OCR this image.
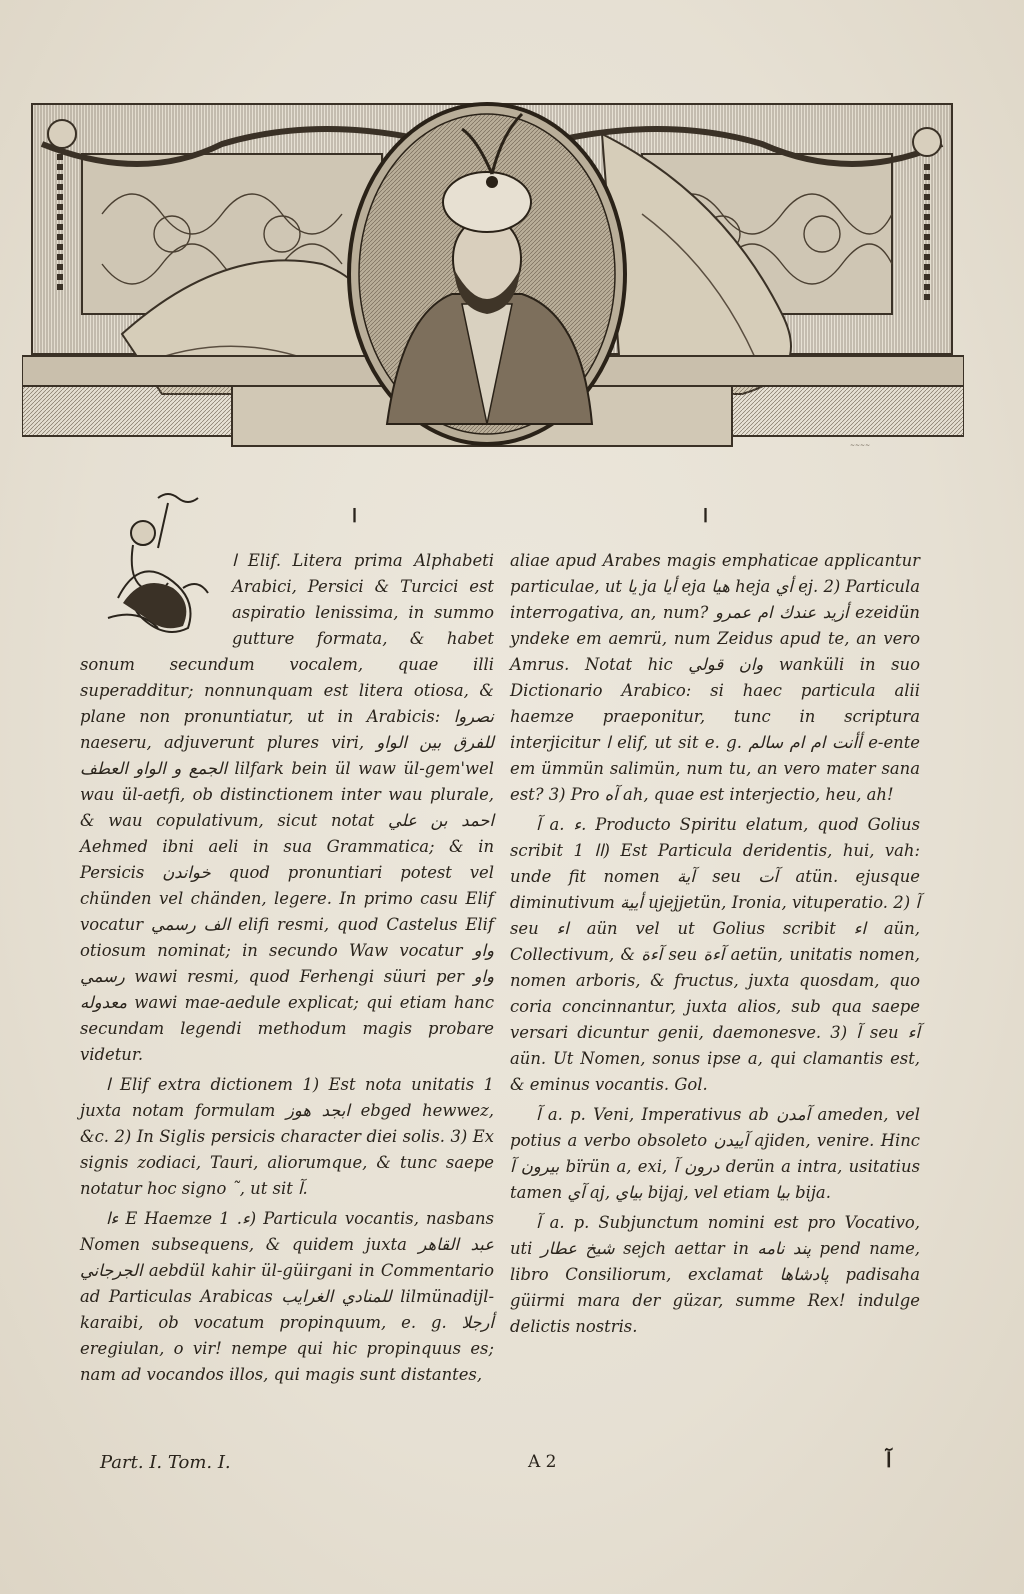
~~~~
ا	ا

ا Elif. Litera prima Alphabeti Arabici, Persici & Turcici est aspiratio lenissima, in summo gutture formata, & habet sonum secundum vocalem, quae illi superadditur; nonnunquam est litera otiosa, & plane non pronuntiatur, ut in Arabicis: نصروا naeseru, adjuverunt plures viri, للفرق بين الواو الجمع و الواو العطف lilfark bein ül waw ül-gem'wel wau ül-aetfi, ob distinctionem inter wau plurale, & wau copulativum, sicut notat احمد بن علي Aehmed ibni aeli in sua Grammatica; & in Persicis خواندن quod pronuntiari potest vel chünden vel chänden, legere. In primo casu Elif vocatur الف رسمي elifi resmi, quod Castelus Elif otiosum nominat; in secundo Waw vocatur واو رسمي wawi resmi, quod Ferhengi süuri per واو معدوله wawi mae-aedule explicat; qui etiam hanc secundam legendi methodum magis probare videtur.

ا Elif extra dictionem 1) Est nota unitatis 1 juxta notam formulam ابجد هوز ebged hewwez, &c. 2) In Siglis persicis character diei solis. 3) Ex signis zodiaci, Tauri, aliorumque, & tunc saepe notatur hoc signo ˜, ut sit آ.

ءا E Haemze ء. 1) Particula vocantis, nasbans Nomen subsequens, & quidem juxta عبد القاهر الجرجاني aebdül kahir ül-güirgani in Commentario ad Particulas Arabicas للمنادي الغرايب lilmünadijl-karaibi, ob vocatum propinquum, e. g. أرجلا eregiulan, o vir! nempe qui hic propinquus es; nam ad vocandos illos, qui magis sunt distantes,

aliae apud Arabes magis emphaticae applicantur particulae, ut يا ja أيا eja هيا heja أي ej. 2) Particula interrogativa, an, num? أزيد عندك ام عمرو ezeidün yndeke em aemrü, num Zeidus apud te, an vero Amrus. Notat hic وان قولي wanküli in suo Dictionario Arabico: si haec particula alii haemze praeponitur, tunc in scriptura interjicitur ا elif, ut sit e. g. أأنت ام ام سالم e-ente em ümmün salimün, num tu, an vero mater sana est? 3) Pro آه ah, quae est interjectio, heu, ah!

آ a. ء. Producto Spiritu elatum, quod Golius scribit اا 1) Est Particula deridentis, hui, vah: unde fit nomen آية seu آت atün. ejusque diminutivum أيية ujejjetün, Ironia, vituperatio. 2) آ seu اء aün vel ut Golius scribit اء aün, Collectivum, & آءة seu آءة aetün, unitatis nomen, nomen arboris, & fructus, juxta quosdam, quo coria concinnantur, juxta alios, sub qua saepe versari dicuntur genii, daemonesve. 3) آ seu آء aün. Ut Nomen, sonus ipse a, qui clamantis est, & eminus vocantis. Gol.

آ a. p. Veni, Imperativus ab آمدن ameden, vel potius a verbo obsoleto آييدن ajiden, venire. Hinc بيرون آ bïrün a, exi, درون آ derün a intra, usitatius tamen آي aj, بياي bijaj, vel etiam بيا bija.

آ a. p. Subjunctum nomini est pro Vocativo, uti شيخ عطار sejch aettar in پند نامه pend name, libro Consiliorum, exclamat پادشاها padisaha güirmi mara der güzar, summe Rex! indulge delictis nostris.

Part. I. Tom. I.	A 2	آ
